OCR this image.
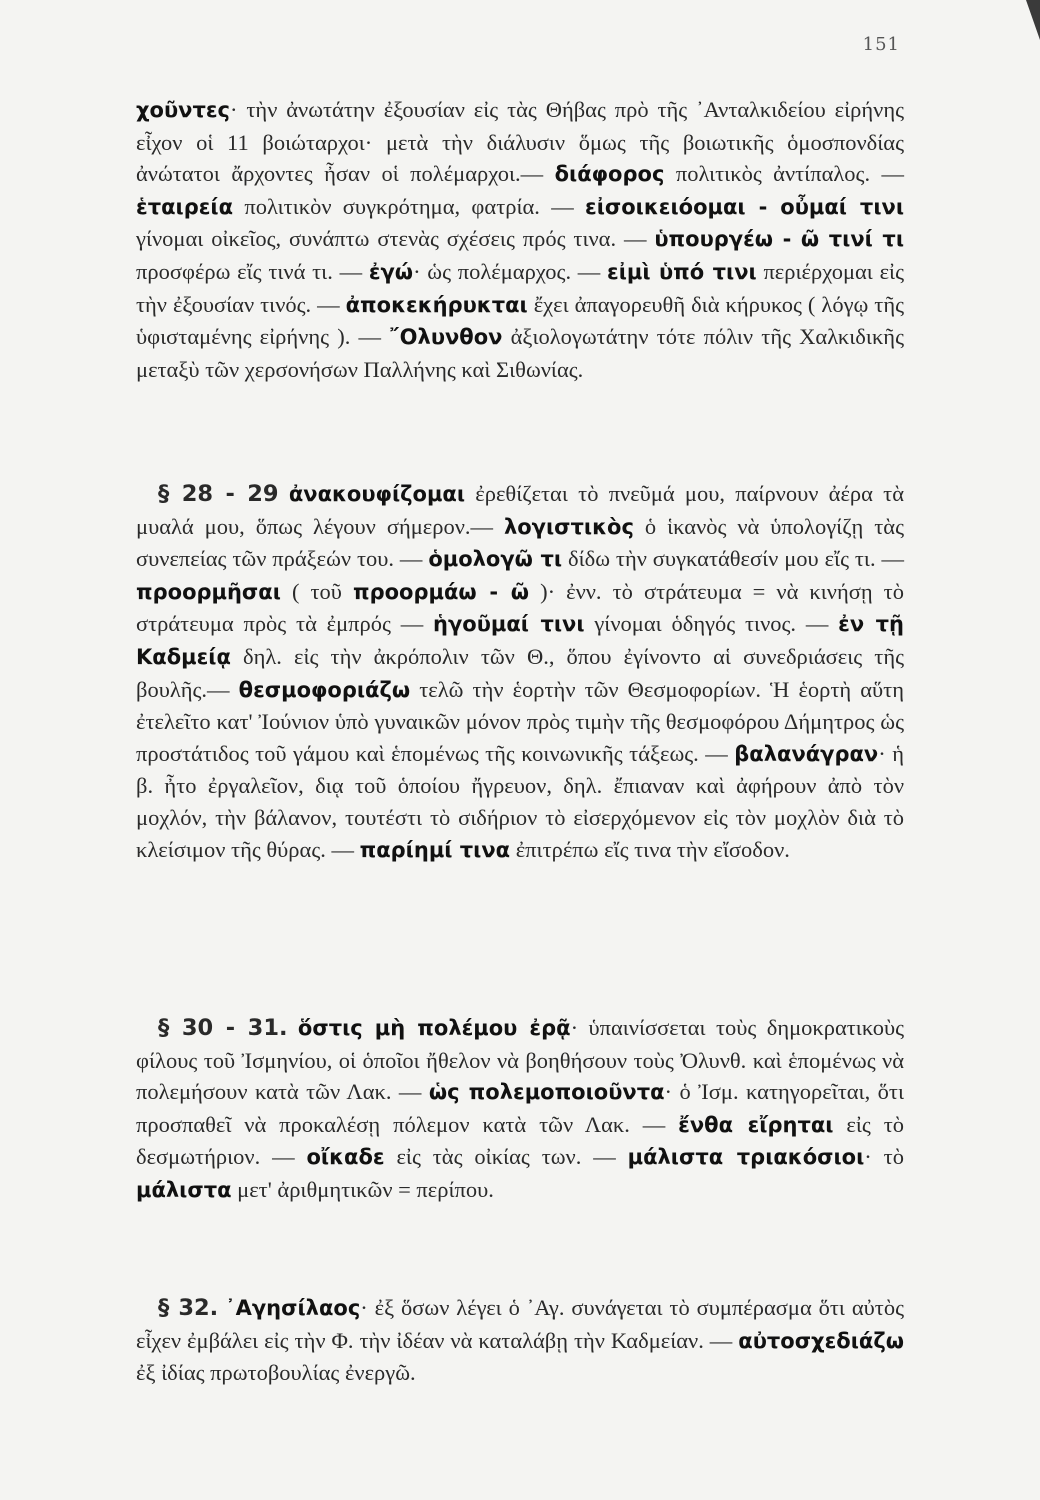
151
χοῦντες· τὴν ἀνωτάτην ἐξουσίαν εἰς τὰς Θήβας πρὸ τῆς ᾿Ανταλκιδείου εἰρήνης εἶχον οἱ 11 βοιώταρχοι· μετὰ τὴν διάλυσιν ὅμως τῆς βοιωτικῆς ὁμοσπονδίας ἀνώτατοι ἄρχοντες ἦσαν οἱ πολέμαρχοι.— διάφορος πολιτικὸς ἀντίπαλος. — ἑταιρεία πολιτικὸν συγκρότημα, φατρία. — εἰσοικειόομαι - οὖμαί τινι γίνομαι οἰκεῖος, συνάπτω στενὰς σχέσεις πρός τινα. — ὑπουργέω - ῶ τινί τι προσφέρω εἴς τινά τι. — ἐγώ· ὡς πολέμαρχος. — εἰμὶ ὑπό τινι περιέρχομαι εἰς τὴν ἐξουσίαν τινός. — ἀποκεκήρυκται ἔχει ἀπαγορευθῆ διὰ κήρυκος ( λόγῳ τῆς ὑφισταμένης εἰρήνης ). — ῎Ολυνθον ἀξιολογωτάτην τότε πόλιν τῆς Χαλκιδικῆς μεταξὺ τῶν χερσονήσων Παλλήνης καὶ Σιθωνίας.
§ 28 - 29 ἀνακουφίζομαι ἐρεθίζεται τὸ πνεῦμά μου, παίρνουν ἀέρα τὰ μυαλά μου, ὅπως λέγουν σήμερον.— λογιστικὸς ὁ ἱκανὸς νὰ ὑπολογίζῃ τὰς συνεπείας τῶν πράξεών του. — ὁμολογῶ τι δίδω τὴν συγκατάθεσίν μου εἴς τι. — προορμῆσαι ( τοῦ προορμάω - ῶ )· ἐνν. τὸ στράτευμα = νὰ κινήσῃ τὸ στράτευμα πρὸς τὰ ἐμπρός — ἡγοῦμαί τινι γίνομαι ὁδηγός τινος. — ἐν τῇ Καδμείᾳ δηλ. εἰς τὴν ἀκρόπολιν τῶν Θ., ὅπου ἐγίνοντο αἱ συνεδριάσεις τῆς βουλῆς.— θεσμοφοριάζω τελῶ τὴν ἑορτὴν τῶν Θεσμοφορίων. Ἡ ἑορτὴ αὕτη ἐτελεῖτο κατ' Ἰούνιον ὑπὸ γυναικῶν μόνον πρὸς τιμὴν τῆς θεσμοφόρου Δήμητρος ὡς προστάτιδος τοῦ γάμου καὶ ἑπομένως τῆς κοινωνικῆς τάξεως. — βαλανάγραν· ἡ β. ἦτο ἐργαλεῖον, διᾳ τοῦ ὁποίου ἤγρευον, δηλ. ἔπιαναν καὶ ἀφήρουν ἀπὸ τὸν μοχλόν, τὴν βάλανον, τουτέστι τὸ σιδήριον τὸ εἰσερχόμενον εἰς τὸν μοχλὸν διὰ τὸ κλείσιμον τῆς θύρας. — παρίημί τινα ἐπιτρέπω εἴς τινα τὴν εἴσοδον.
§ 30 - 31. ὅστις μὴ πολέμου ἐρᾷ· ὑπαινίσσεται τοὺς δημοκρατικοὺς φίλους τοῦ Ἰσμηνίου, οἱ ὁποῖοι ἤθελον νὰ βοηθήσουν τοὺς Ὀλυνθ. καὶ ἑπομένως νὰ πολεμήσουν κατὰ τῶν Λακ. — ὡς πολεμοποιοῦντα· ὁ Ἰσμ. κατηγορεῖται, ὅτι προσπαθεῖ νὰ προκαλέσῃ πόλεμον κατὰ τῶν Λακ. — ἔνθα εἴρηται εἰς τὸ δεσμωτήριον. — οἴκαδε εἰς τὰς οἰκίας των. — μάλιστα τριακόσιοι· τὸ μάλιστα μετ' ἀριθμητικῶν = περίπου.
§ 32. ᾿Αγησίλαος· ἐξ ὅσων λέγει ὁ ᾿Αγ. συνάγεται τὸ συμπέρασμα ὅτι αὐτὸς εἶχεν ἐμβάλει εἰς τὴν Φ. τὴν ἰδέαν νὰ καταλάβῃ τὴν Καδμείαν. — αὐτοσχεδιάζω ἐξ ἰδίας πρωτοβουλίας ἐνεργῶ.
